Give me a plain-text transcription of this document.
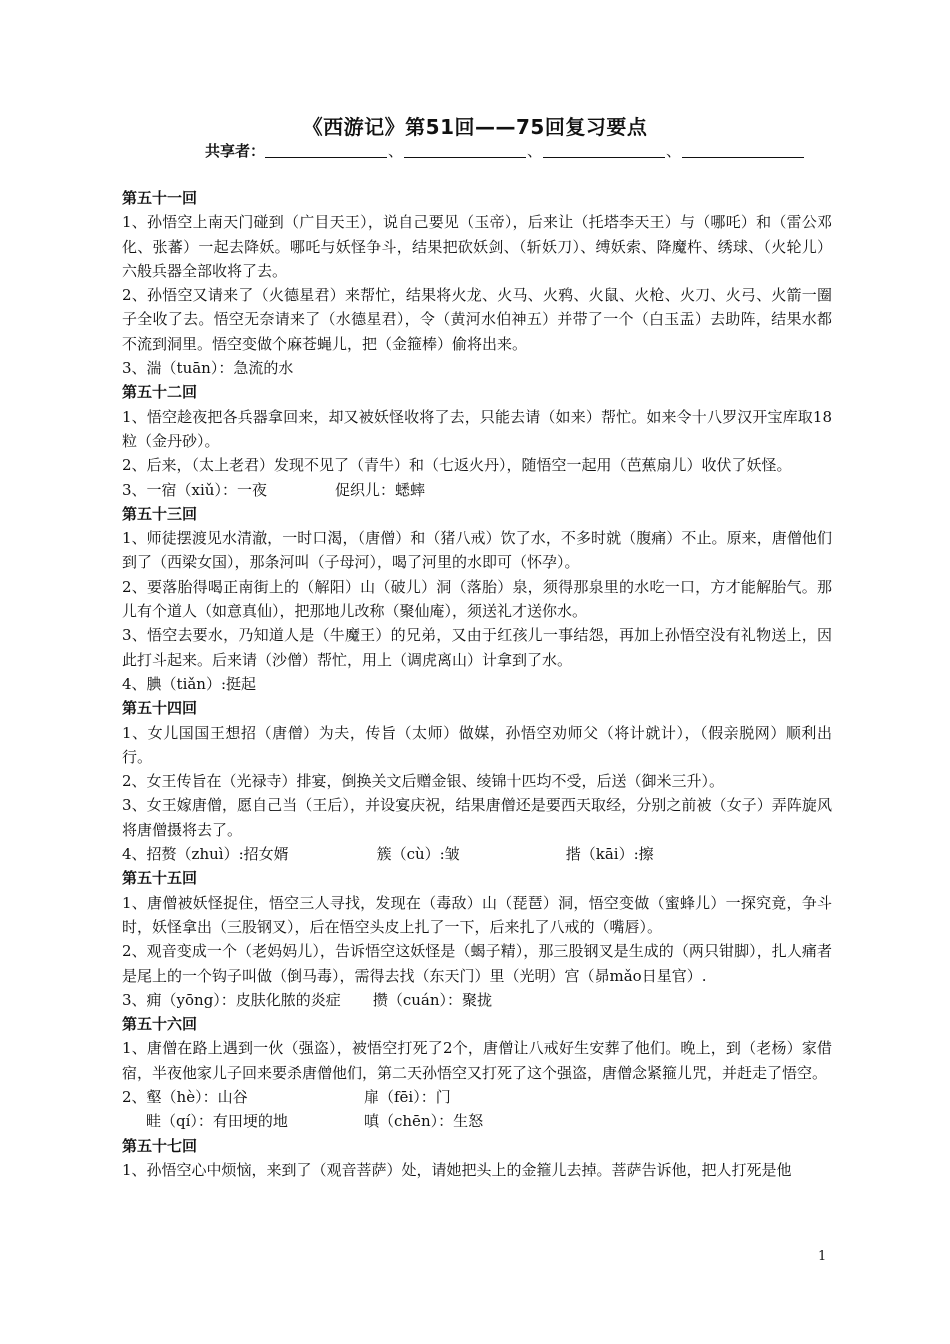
《西游记》第51回——75回复习要点
共享者：	、	、	、
第五十一回
1、孙悟空上南天门碰到（广目天王），说自己要见（玉帝），后来让（托塔李天王）与（哪吒）和（雷公邓化、张蕃）一起去降妖。哪吒与妖怪争斗，结果把砍妖剑、（斩妖刀）、缚妖索、降魔杵、绣球、（火轮儿）六般兵器全部收将了去。
2、孙悟空又请来了（火德星君）来帮忙，结果将火龙、火马、火鸦、火鼠、火枪、火刀、火弓、火箭一圈子全收了去。悟空无奈请来了（水德星君），令（黄河水伯神五）并带了一个（白玉盂）去助阵，结果水都不流到洞里。悟空变做个麻苍蝇儿，把（金箍棒）偷将出来。
3、湍（tuān）：急流的水
第五十二回
1、悟空趁夜把各兵器拿回来，却又被妖怪收将了去，只能去请（如来）帮忙。如来令十八罗汉开宝库取18粒（金丹砂）。
2、后来，（太上老君）发现不见了（青牛）和（七返火丹），随悟空一起用（芭蕉扇儿）收伏了妖怪。
3、一宿（xiǔ）：一夜	促织儿：蟋蟀
第五十三回
1、师徒摆渡见水清澈，一时口渴，（唐僧）和（猪八戒）饮了水，不多时就（腹痛）不止。原来，唐僧他们到了（西梁女国），那条河叫（子母河），喝了河里的水即可（怀孕）。
2、要落胎得喝正南街上的（解阳）山（破儿）洞（落胎）泉，须得那泉里的水吃一口，方才能解胎气。那儿有个道人（如意真仙），把那地儿改称（聚仙庵），须送礼才送你水。
3、悟空去要水，乃知道人是（牛魔王）的兄弟，又由于红孩儿一事结怨，再加上孙悟空没有礼物送上，因此打斗起来。后来请（沙僧）帮忙，用上（调虎离山）计拿到了水。
4、腆（tiǎn）:挺起
第五十四回
1、女儿国国王想招（唐僧）为夫，传旨（太师）做媒，孙悟空劝师父（将计就计），（假亲脱网）顺利出行。
2、女王传旨在（光禄寺）排宴，倒换关文后赠金银、绫锦十匹均不受，后送（御米三升）。
3、女王嫁唐僧，愿自己当（王后），并设宴庆祝，结果唐僧还是要西天取经，分别之前被（女子）弄阵旋风将唐僧摄将去了。
4、招赘（zhuì）:招女婿	簇（cù）:皱	揩（kāi）:擦
第五十五回
1、唐僧被妖怪捉住，悟空三人寻找，发现在（毒敌）山（琵琶）洞，悟空变做（蜜蜂儿）一探究竟，争斗时，妖怪拿出（三股钢叉），后在悟空头皮上扎了一下，后来扎了八戒的（嘴唇）。
2、观音变成一个（老妈妈儿），告诉悟空这妖怪是（蝎子精），那三股钢叉是生成的（两只钳脚），扎人痛者是尾上的一个钩子叫做（倒马毒），需得去找（东天门）里（光明）宫（昴mǎo日星官）.
3、痈（yōng）：皮肤化脓的炎症 攒（cuán）：聚拢
第五十六回
1、唐僧在路上遇到一伙（强盗），被悟空打死了2个，唐僧让八戒好生安葬了他们。晚上，到（老杨）家借宿，半夜他家儿子回来要杀唐僧他们，第二天孙悟空又打死了这个强盗，唐僧念紧箍儿咒，并赶走了悟空。
2、壑（hè）：山谷	扉（fēi）：门
畦（qí）：有田埂的地	嗔（chēn）：生怒
第五十七回
1、孙悟空心中烦恼，来到了（观音菩萨）处，请她把头上的金箍儿去掉。菩萨告诉他，把人打死是他
1
